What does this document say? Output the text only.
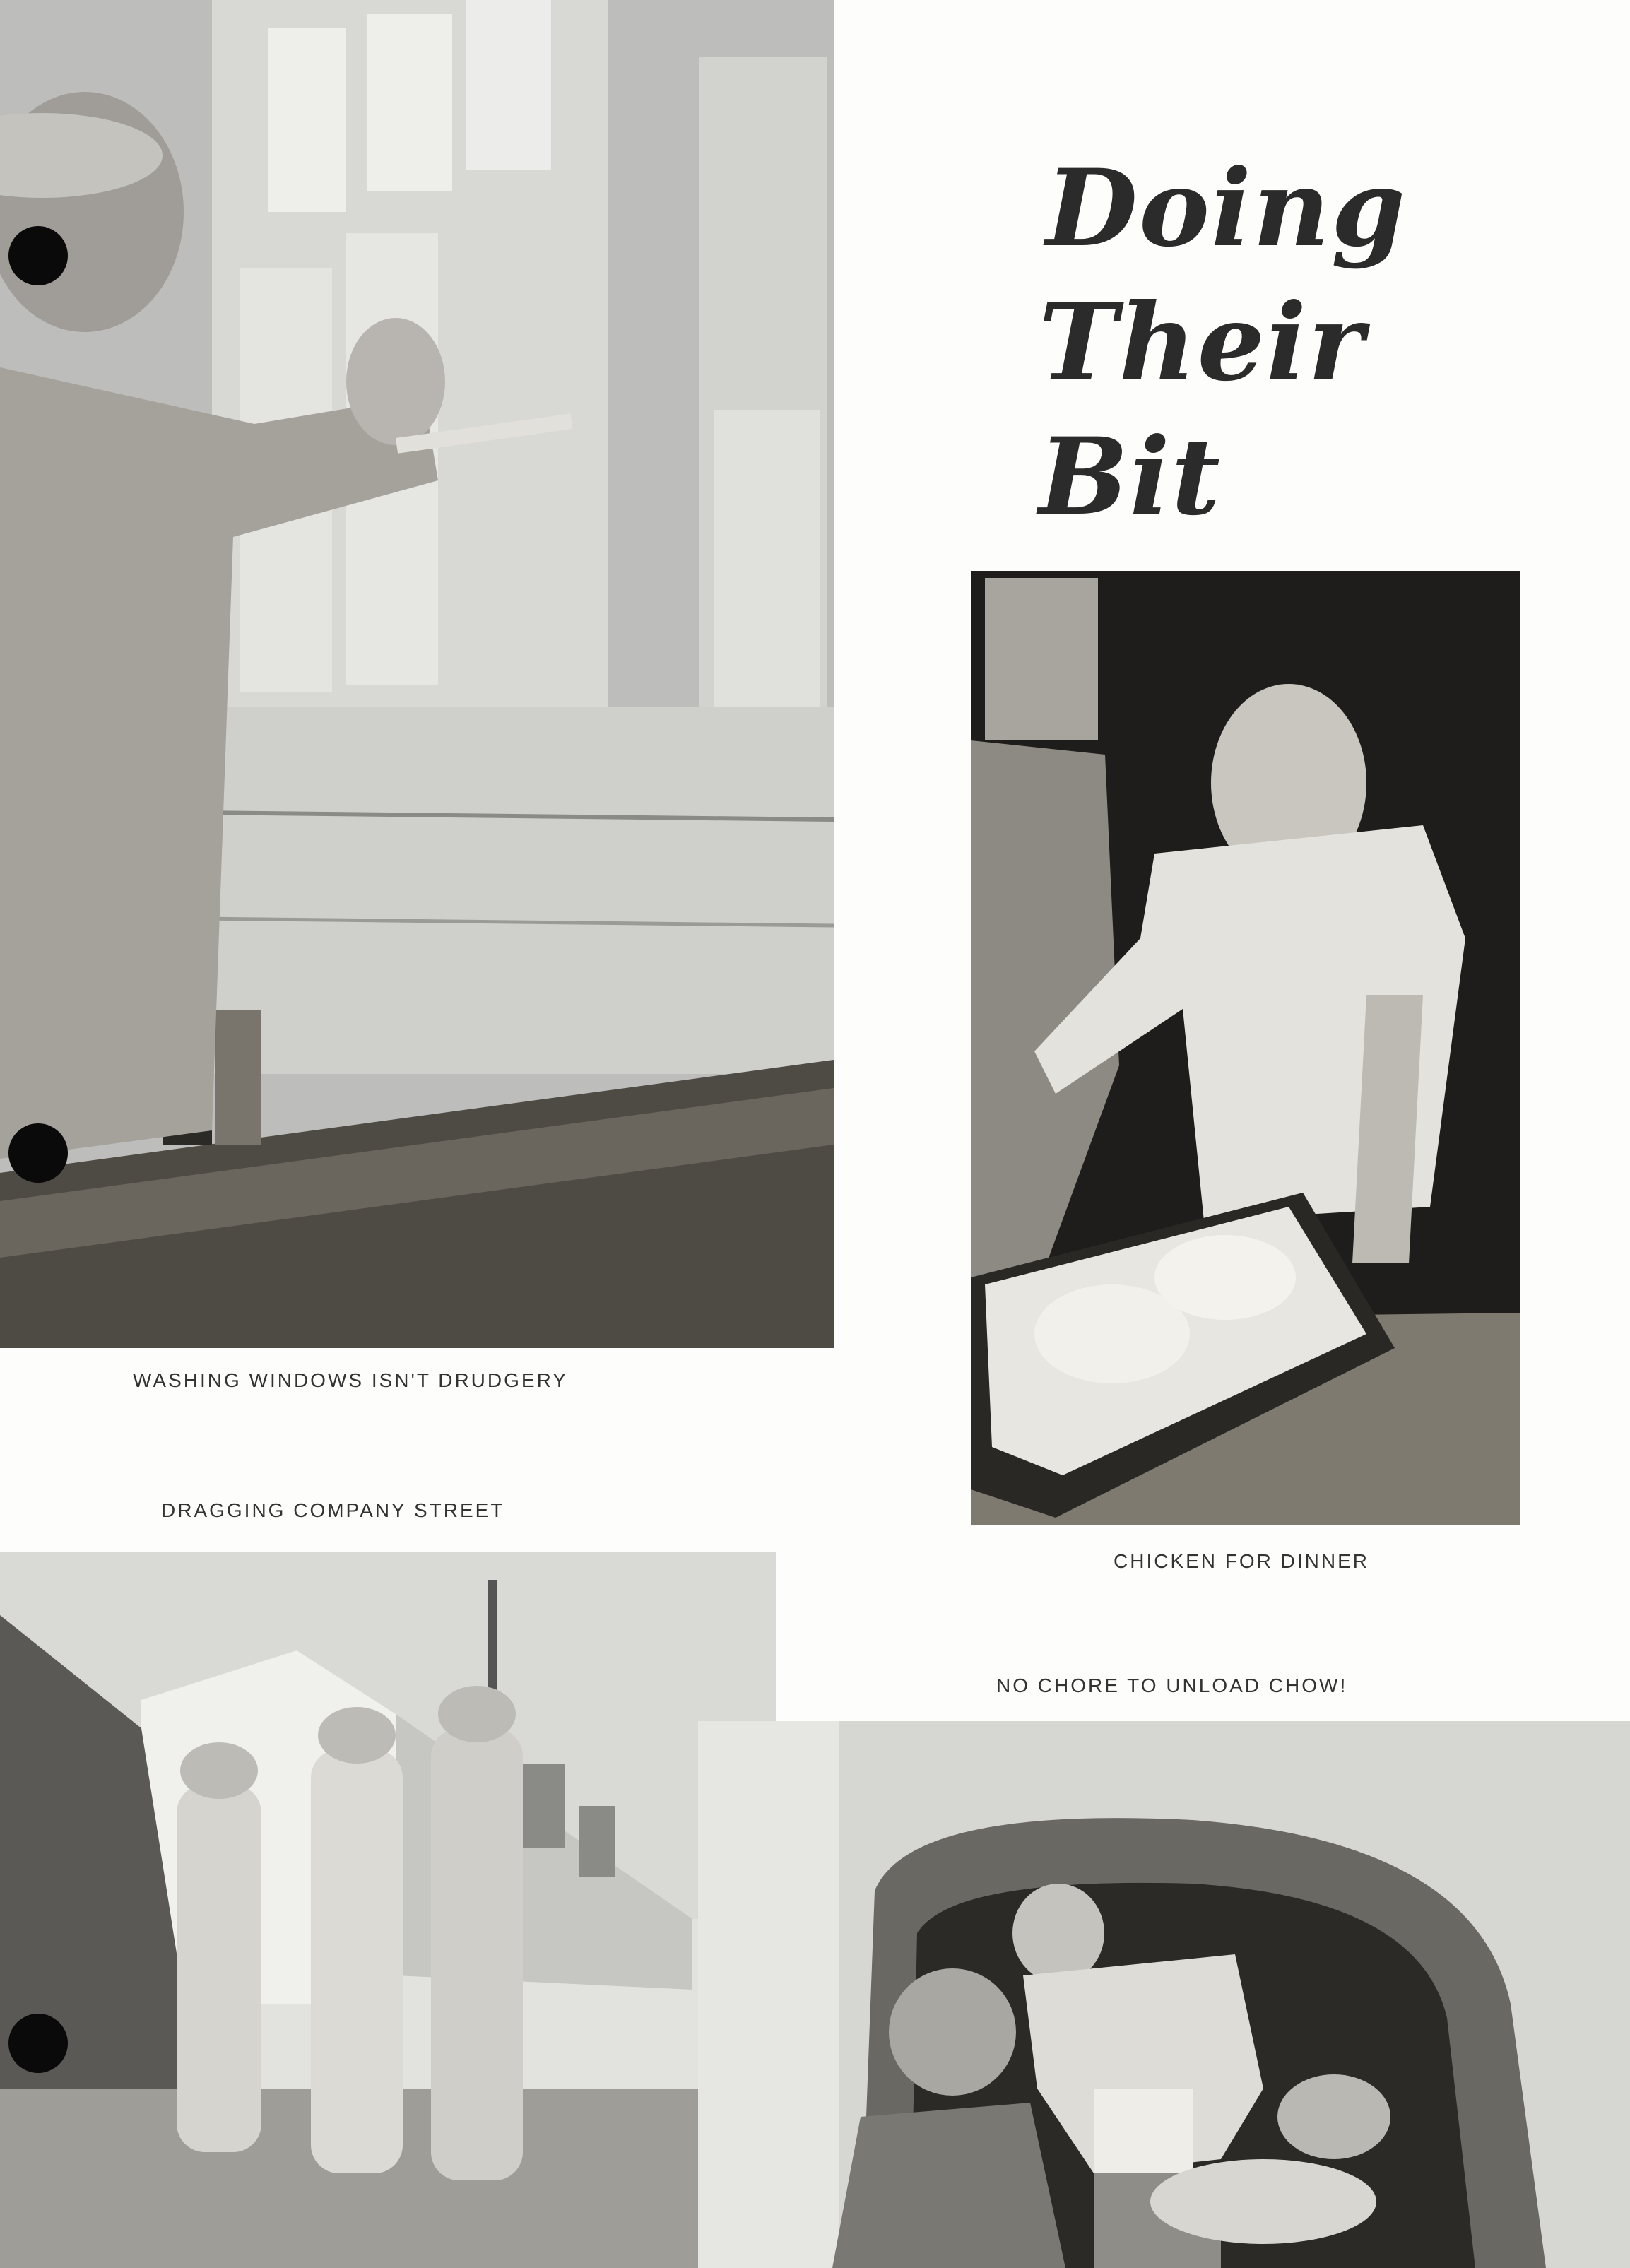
Doing
Their Bit
WASHING WINDOWS ISN'T DRUDGERY
DRAGGING COMPANY STREET
CHICKEN FOR DINNER
NO CHORE TO UNLOAD CHOW!
